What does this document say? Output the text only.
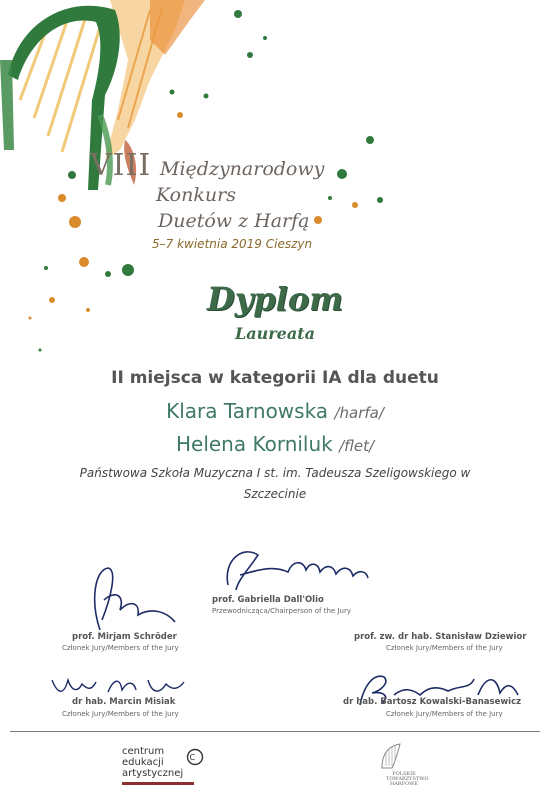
VIII Międzynarodowy
Konkurs
Duetów z Harfą
5–7 kwietnia 2019 Cieszyn
Dyplom
Laureata
II miejsca w kategorii IA dla duetu
Klara Tarnowska /harfa/
Helena Korniluk /flet/
Państwowa Szkoła Muzyczna I st. im. Tadeusza Szeligowskiego w Szczecinie
prof. Gabriella Dall'Olio
Przewodnicząca/Chairperson of the Jury
prof. Mirjam Schröder
Członek Jury/Members of the Jury
prof. zw. dr hab. Stanisław Dziewior
Członek Jury/Members of the Jury
dr hab. Marcin Misiak
Członek Jury/Members of the Jury
dr hab. Bartosz Kowalski-Banasewicz
Członek Jury/Members of the Jury
centrum
edukacji
artystycznej
C
POLSKIE
TOWARZYSTWO
HARFOWE
